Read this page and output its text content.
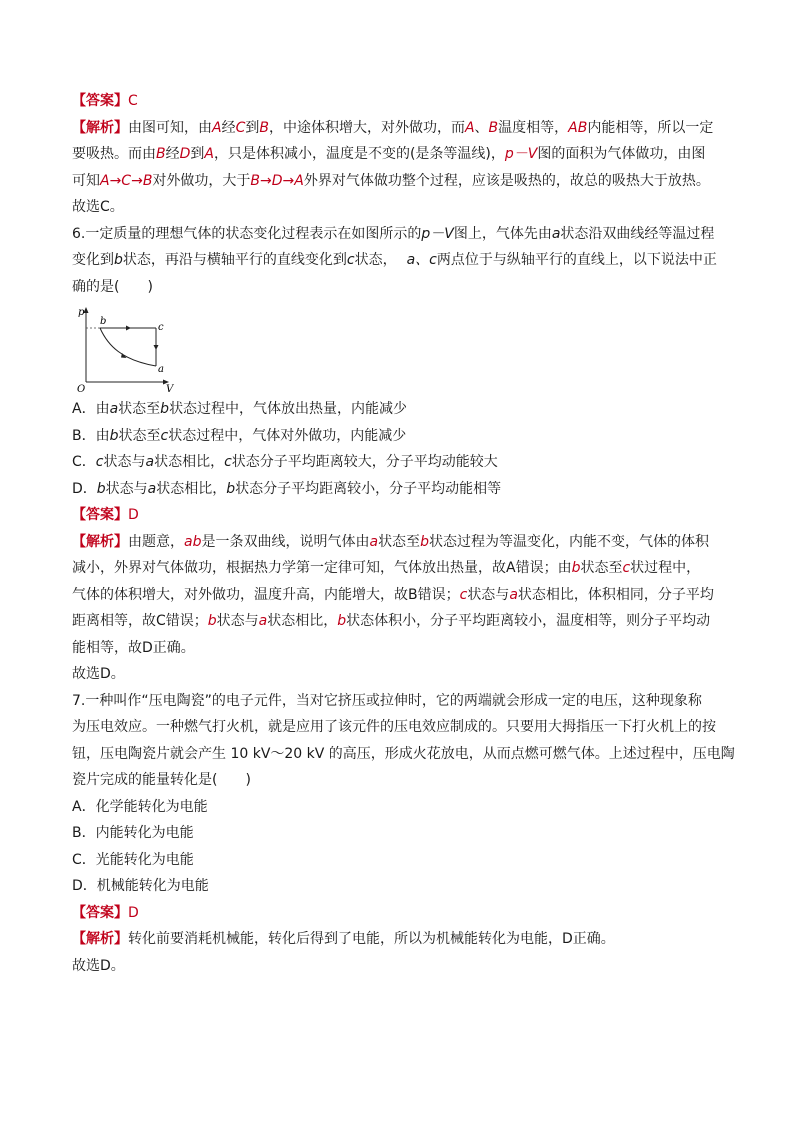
【答案】C
【解析】由图可知，由A经C到B，中途体积增大，对外做功，而A、B温度相等，AB内能相等，所以一定
要吸热。而由B经D到A，只是体积减小，温度是不变的(是条等温线)，p－V图的面积为气体做功，由图
可知A→C→B对外做功，大于B→D→A外界对气体做功整个过程，应该是吸热的，故总的吸热大于放热。
故选C。
6.一定质量的理想气体的状态变化过程表示在如图所示的p－V图上，气体先由a状态沿双曲线经等温过程
变化到b状态，再沿与横轴平行的直线变化到c状态， a、c两点位于与纵轴平行的直线上，以下说法中正
确的是(　　)
p
V
O
b
c
a
A．由a状态至b状态过程中，气体放出热量，内能减少
B．由b状态至c状态过程中，气体对外做功，内能减少
C．c状态与a状态相比，c状态分子平均距离较大，分子平均动能较大
D．b状态与a状态相比，b状态分子平均距离较小，分子平均动能相等
【答案】D
【解析】由题意，ab是一条双曲线，说明气体由a状态至b状态过程为等温变化，内能不变，气体的体积
减小，外界对气体做功，根据热力学第一定律可知，气体放出热量，故A错误；由b状态至c状过程中，
气体的体积增大，对外做功，温度升高，内能增大，故B错误；c状态与a状态相比，体积相同，分子平均
距离相等，故C错误；b状态与a状态相比，b状态体积小，分子平均距离较小，温度相等，则分子平均动
能相等，故D正确。
故选D。
7.一种叫作“压电陶瓷”的电子元件，当对它挤压或拉伸时，它的两端就会形成一定的电压，这种现象称
为压电效应。一种燃气打火机，就是应用了该元件的压电效应制成的。只要用大拇指压一下打火机上的按
钮，压电陶瓷片就会产生 10 kV～20 kV 的高压，形成火花放电，从而点燃可燃气体。上述过程中，压电陶
瓷片完成的能量转化是(　　)
A．化学能转化为电能
B．内能转化为电能
C．光能转化为电能
D．机械能转化为电能
【答案】D
【解析】转化前要消耗机械能，转化后得到了电能，所以为机械能转化为电能，D正确。
故选D。
